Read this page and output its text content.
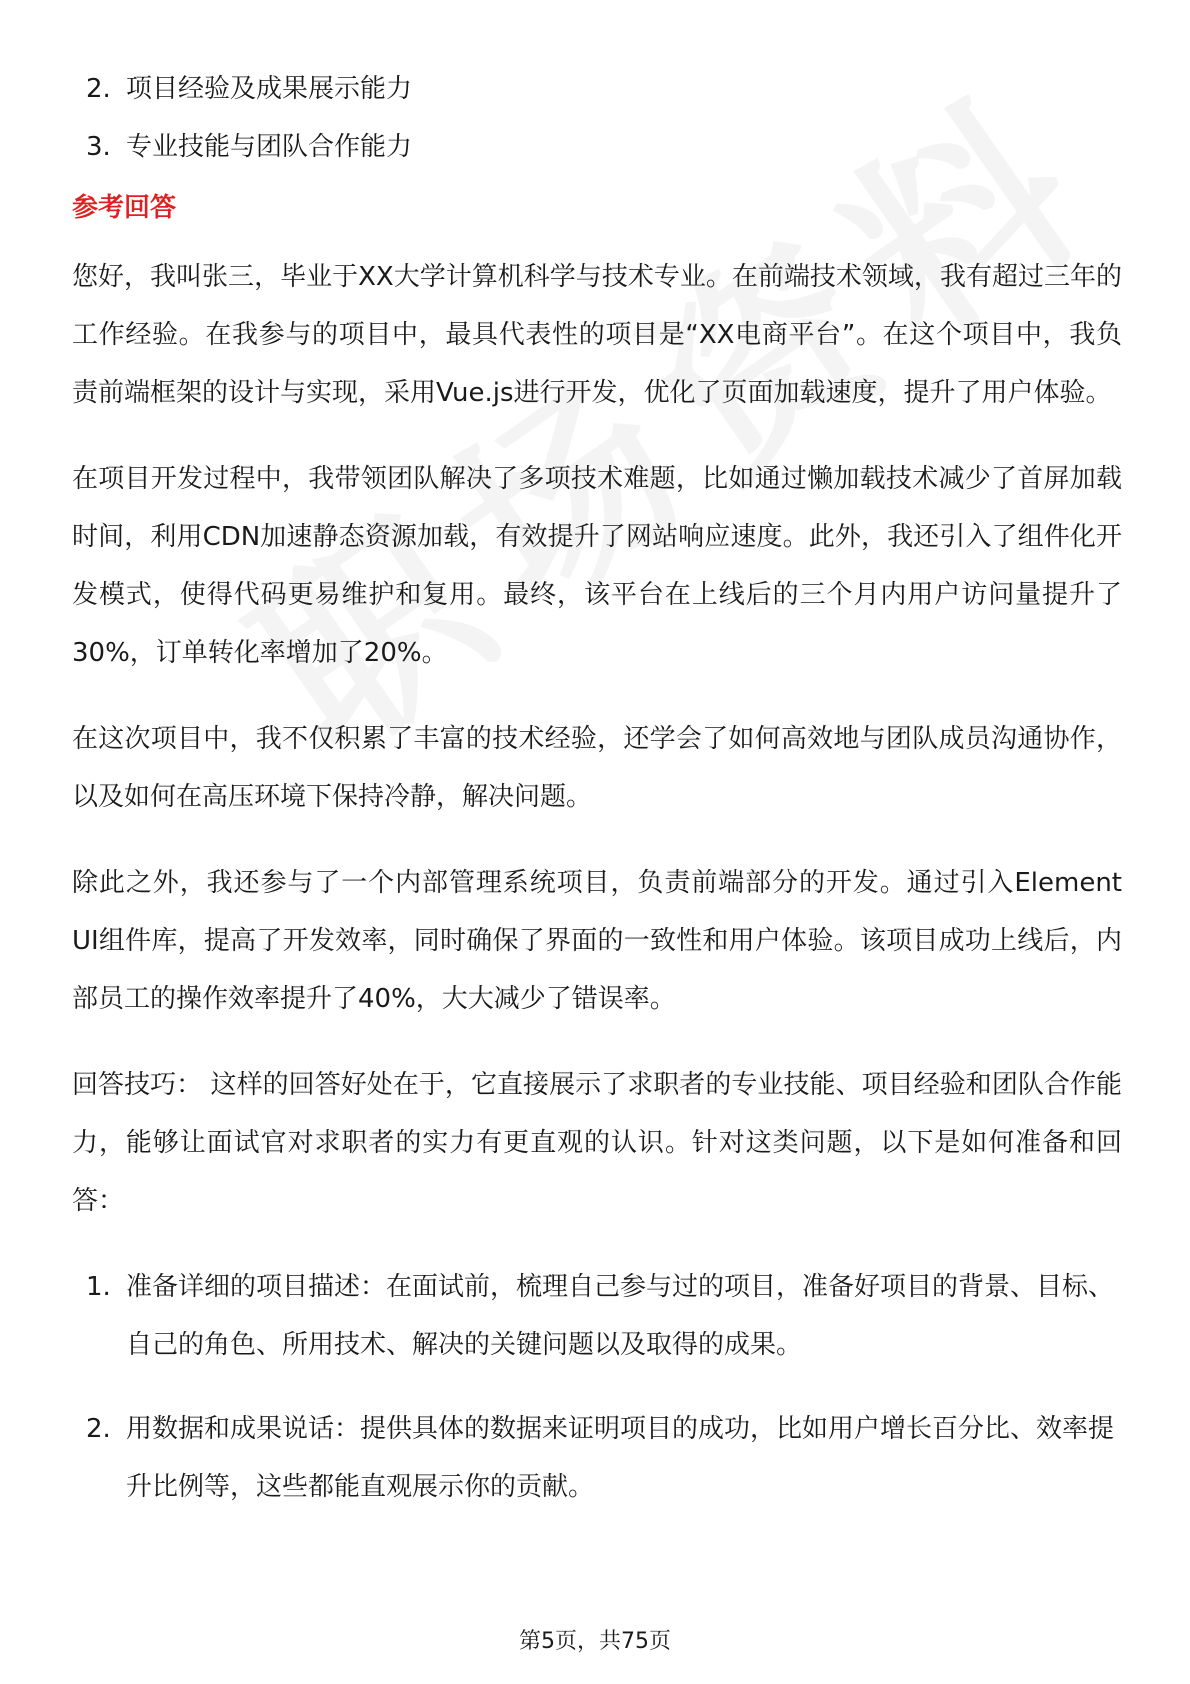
2. 项目经验及成果展示能力
3. 专业技能与团队合作能力
参考回答

您好，我叫张三，毕业于XX大学计算机科学与技术专业。在前端技术领域，我有超过三年的工作经验。在我参与的项目中，最具代表性的项目是“XX电商平台”。在这个项目中，我负责前端框架的设计与实现，采用Vue.js进行开发，优化了页面加载速度，提升了用户体验。

在项目开发过程中，我带领团队解决了多项技术难题，比如通过懒加载技术减少了首屏加载时间，利用CDN加速静态资源加载，有效提升了网站响应速度。此外，我还引入了组件化开发模式，使得代码更易维护和复用。最终，该平台在上线后的三个月内用户访问量提升了30%，订单转化率增加了20%。

在这次项目中，我不仅积累了丰富的技术经验，还学会了如何高效地与团队成员沟通协作，以及如何在高压环境下保持冷静，解决问题。

除此之外，我还参与了一个内部管理系统项目，负责前端部分的开发。通过引入Element UI组件库，提高了开发效率，同时确保了界面的一致性和用户体验。该项目成功上线后，内部员工的操作效率提升了40%，大大减少了错误率。

回答技巧： 这样的回答好处在于，它直接展示了求职者的专业技能、项目经验和团队合作能力，能够让面试官对求职者的实力有更直观的认识。针对这类问题，以下是如何准备和回答：

1. 准备详细的项目描述：在面试前，梳理自己参与过的项目，准备好项目的背景、目标、自己的角色、所用技术、解决的关键问题以及取得的成果。
2. 用数据和成果说话：提供具体的数据来证明项目的成功，比如用户增长百分比、效率提升比例等，这些都能直观展示你的贡献。
第5页，共75页
